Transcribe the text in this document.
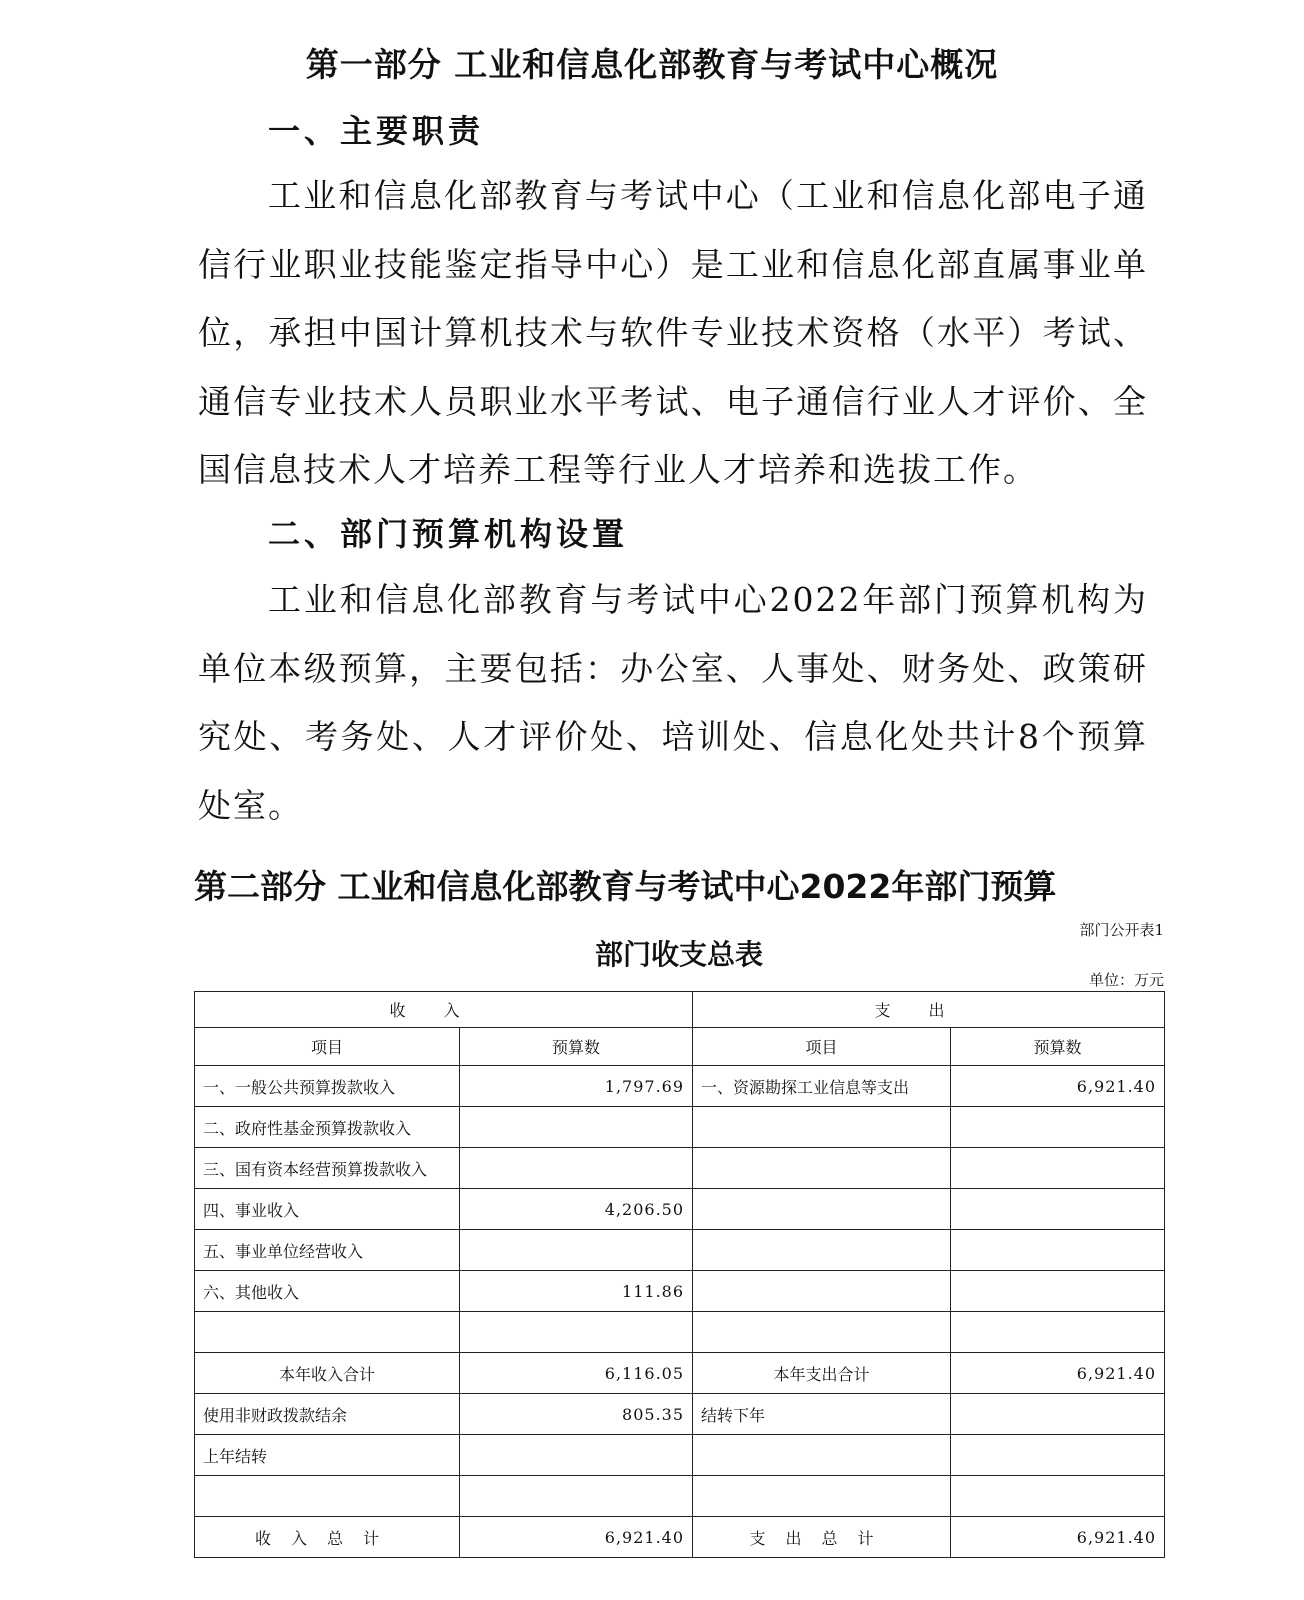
第一部分 工业和信息化部教育与考试中心概况
一、主要职责

工业和信息化部教育与考试中心（工业和信息化部电子通信行业职业技能鉴定指导中心）是工业和信息化部直属事业单位，承担中国计算机技术与软件专业技术资格（水平）考试、通信专业技术人员职业水平考试、电子通信行业人才评价、全国信息技术人才培养工程等行业人才培养和选拔工作。

二、部门预算机构设置

工业和信息化部教育与考试中心2022年部门预算机构为单位本级预算，主要包括：办公室、人事处、财务处、政策研究处、考务处、人才评价处、培训处、信息化处共计8个预算处室。

第二部分 工业和信息化部教育与考试中心2022年部门预算
部门公开表1
部门收支总表
单位：万元
收入		支出	
项目	预算数	项目	预算数
一、一般公共预算拨款收入	1,797.69	一、资源勘探工业信息等支出	6,921.40
二、政府性基金预算拨款收入			
三、国有资本经营预算拨款收入			
四、事业收入	4,206.50		
五、事业单位经营收入			
六、其他收入	111.86		

本年收入合计	6,116.05	本年支出合计	6,921.40
使用非财政拨款结余	805.35	结转下年	
上年结转			

收入总计	6,921.40	支出总计	6,921.40
